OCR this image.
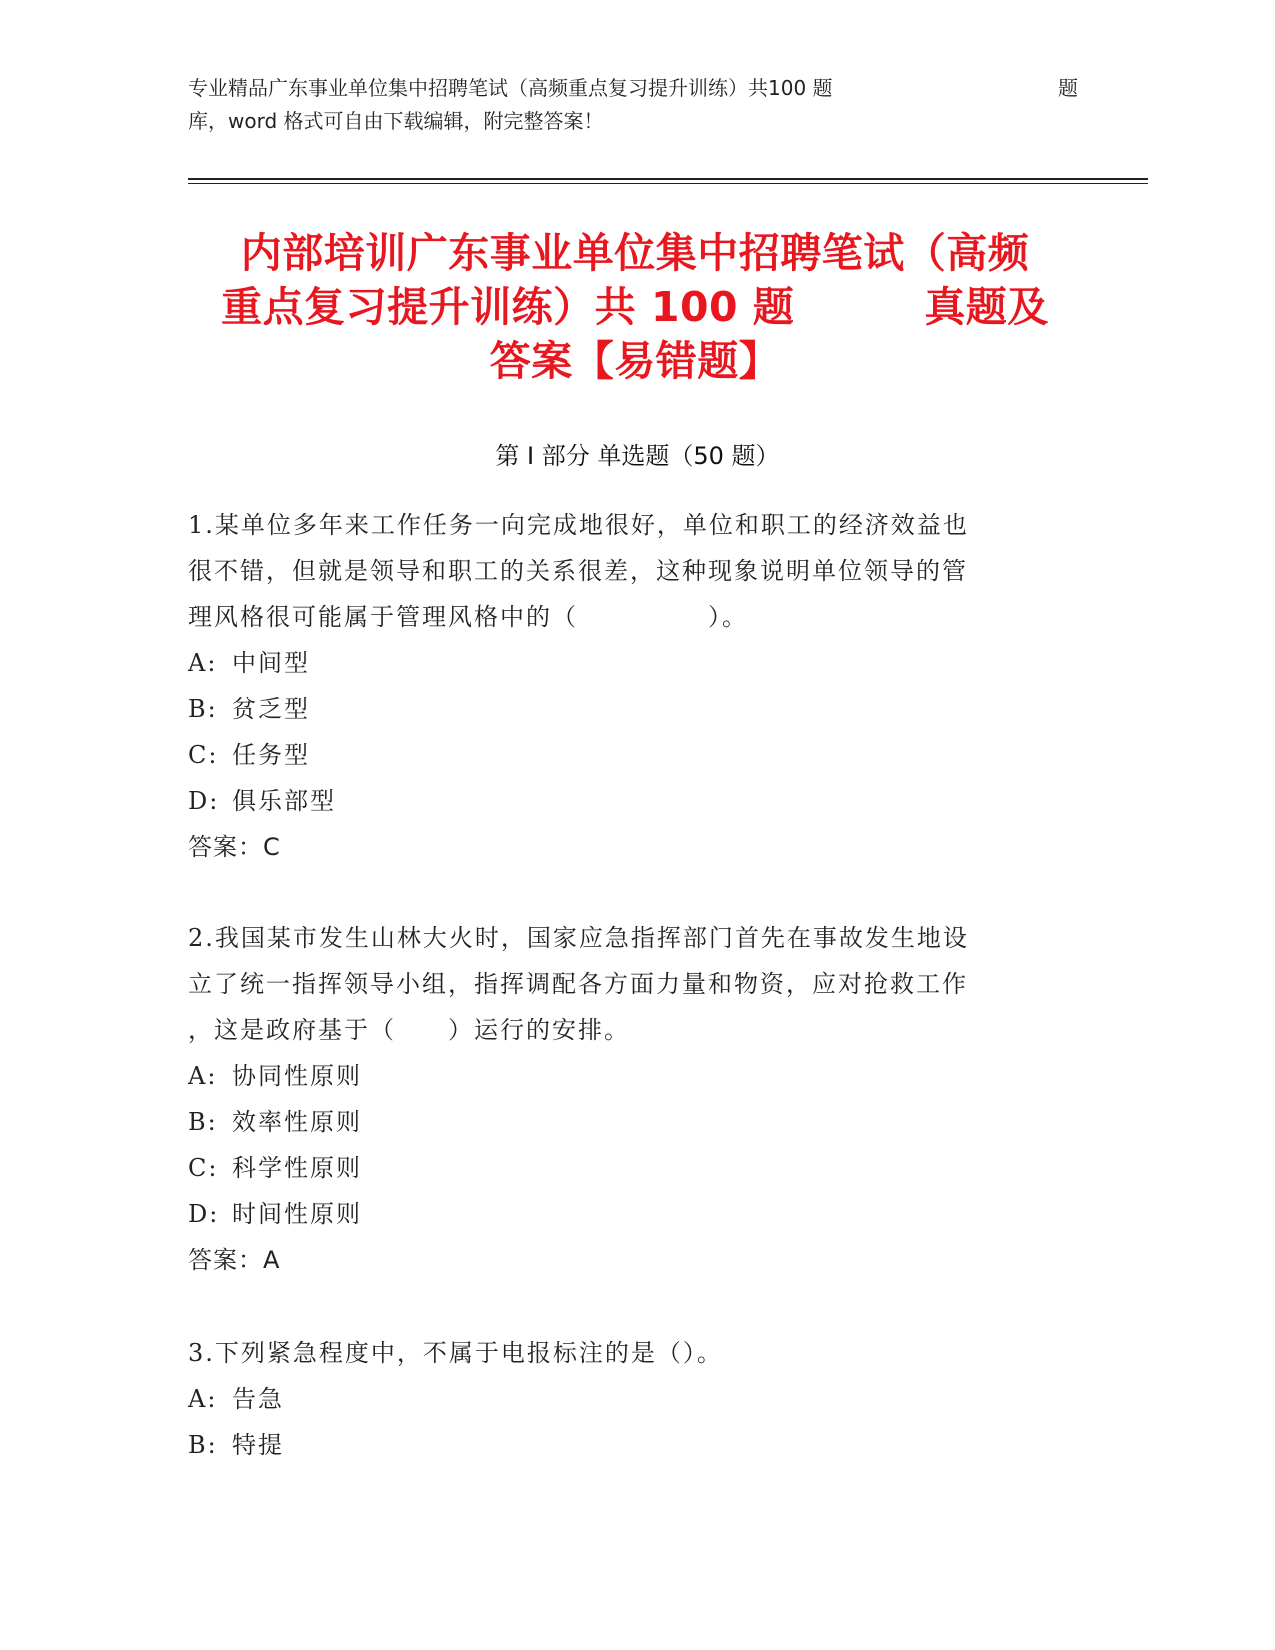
专业精品广东事业单位集中招聘笔试（高频重点复习提升训练）共100 题	题
库，word 格式可自由下载编辑，附完整答案！
内部培训广东事业单位集中招聘笔试（高频
重点复习提升训练）共 100 题	真题及
答案【易错题】
第 I 部分 单选题（50 题）
1.某单位多年来工作任务一向完成地很好，单位和职工的经济效益也
很不错，但就是领导和职工的关系很差，这种现象说明单位领导的管
理风格很可能属于管理风格中的（　　　　　）。
A: 中间型
B: 贫乏型
C: 任务型
D: 俱乐部型
答案：C
2.我国某市发生山林大火时，国家应急指挥部门首先在事故发生地设
立了统一指挥领导小组，指挥调配各方面力量和物资，应对抢救工作
，这是政府基于（　　）运行的安排。
A: 协同性原则
B: 效率性原则
C: 科学性原则
D: 时间性原则
答案：A
3.下列紧急程度中，不属于电报标注的是（）。
A: 告急
B: 特提
